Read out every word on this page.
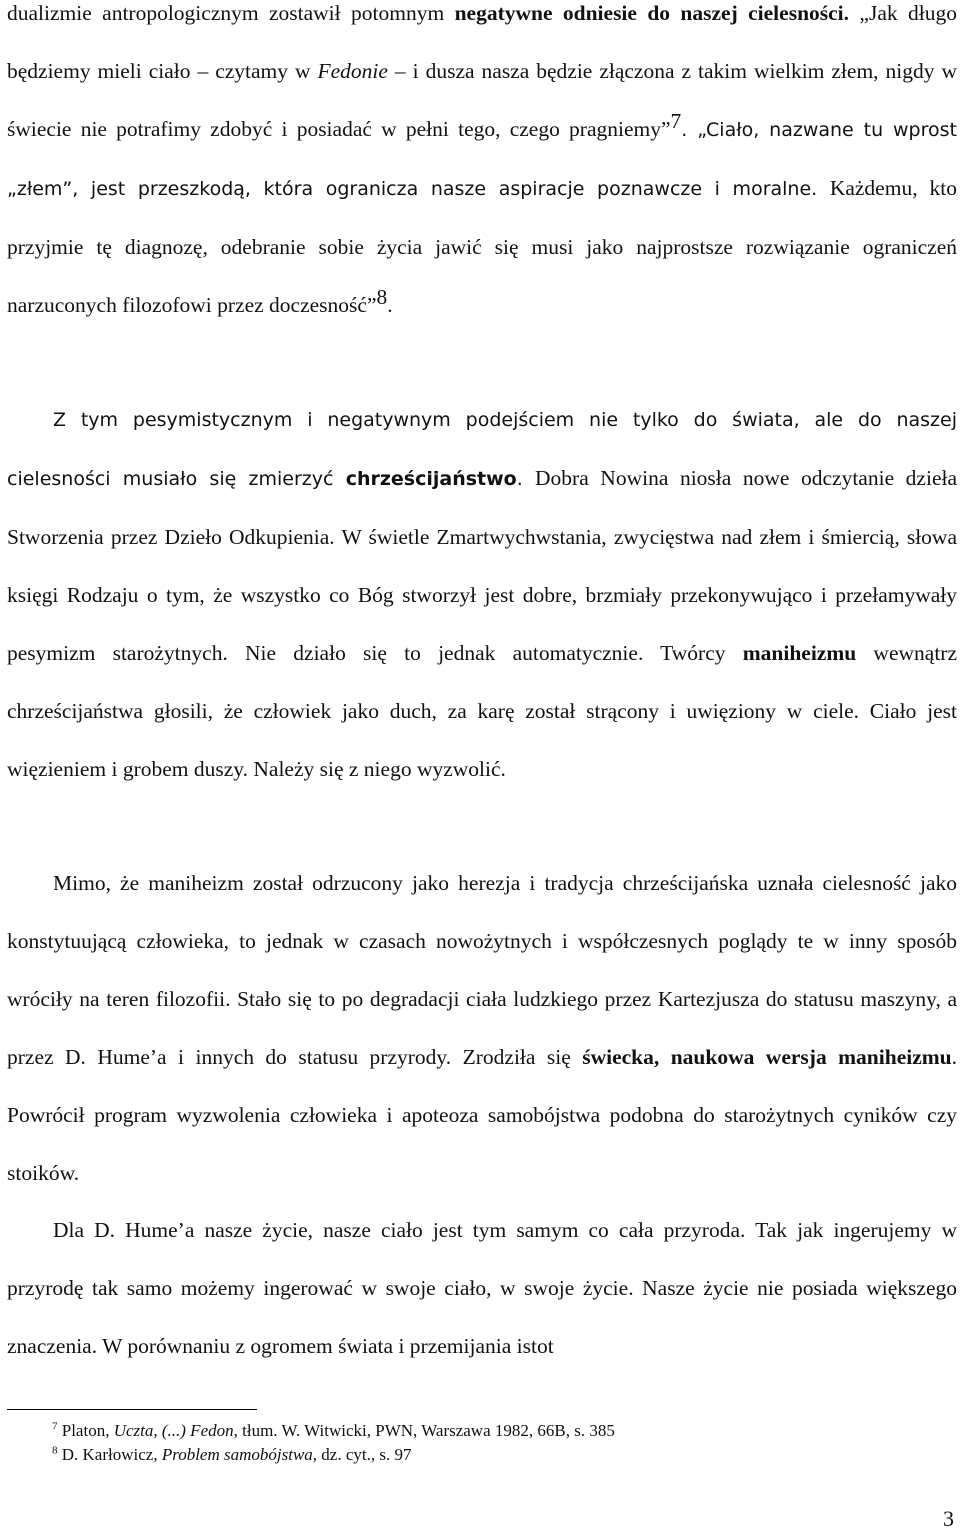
dualizmie antropologicznym zostawił potomnym negatywne odniesie do naszej cielesności. „Jak długo będziemy mieli ciało – czytamy w Fedonie – i dusza nasza będzie złączona z takim wielkim złem, nigdy w świecie nie potrafimy zdobyć i posiadać w pełni tego, czego pragniemy”$^7$. „Ciało, nazwane tu wprost „złem”, jest przeszkodą, która ogranicza nasze aspiracje poznawcze i moralne. Każdemu, kto przyjmie tę diagnozę, odebranie sobie życia jawić się musi jako najprostsze rozwiązanie ograniczeń narzuconych filozofowi przez doczesność”$^8$.

Z tym pesymistycznym i negatywnym podejściem nie tylko do świata, ale do naszej cielesności musiało się zmierzyć chrześcijaństwo. Dobra Nowina niosła nowe odczytanie dzieła Stworzenia przez Dzieło Odkupienia. W świetle Zmartwychwstania, zwycięstwa nad złem i śmiercią, słowa księgi Rodzaju o tym, że wszystko co Bóg stworzył jest dobre, brzmiały przekonywująco i przełamywały pesymizm starożytnych. Nie działo się to jednak automatycznie. Twórcy maniheizmu wewnątrz chrześcijaństwa głosili, że człowiek jako duch, za karę został strącony i uwięziony w ciele. Ciało jest więzieniem i grobem duszy. Należy się z niego wyzwolić.

Mimo, że maniheizm został odrzucony jako herezja i tradycja chrześcijańska uznała cielesność jako konstytuującą człowieka, to jednak w czasach nowożytnych i współczesnych poglądy te w inny sposób wróciły na teren filozofii. Stało się to po degradacji ciała ludzkiego przez Kartezjusza do statusu maszyny, a przez D. Hume’a i innych do statusu przyrody. Zrodziła się świecka, naukowa wersja maniheizmu. Powrócił program wyzwolenia człowieka i apoteoza samobójstwa podobna do starożytnych cyników czy stoików.

Dla D. Hume’a nasze życie, nasze ciało jest tym samym co cała przyroda. Tak jak ingerujemy w przyrodę tak samo możemy ingerować w swoje ciało, w swoje życie. Nasze życie nie posiada większego znaczenia. W porównaniu z ogromem świata i przemijania istot

$^7$ Platon, Uczta, (...) Fedon, tłum. W. Witwicki, PWN, Warszawa 1982, 66B, s. 385
$^8$ D. Karłowicz, Problem samobójstwa, dz. cyt., s. 97
3
